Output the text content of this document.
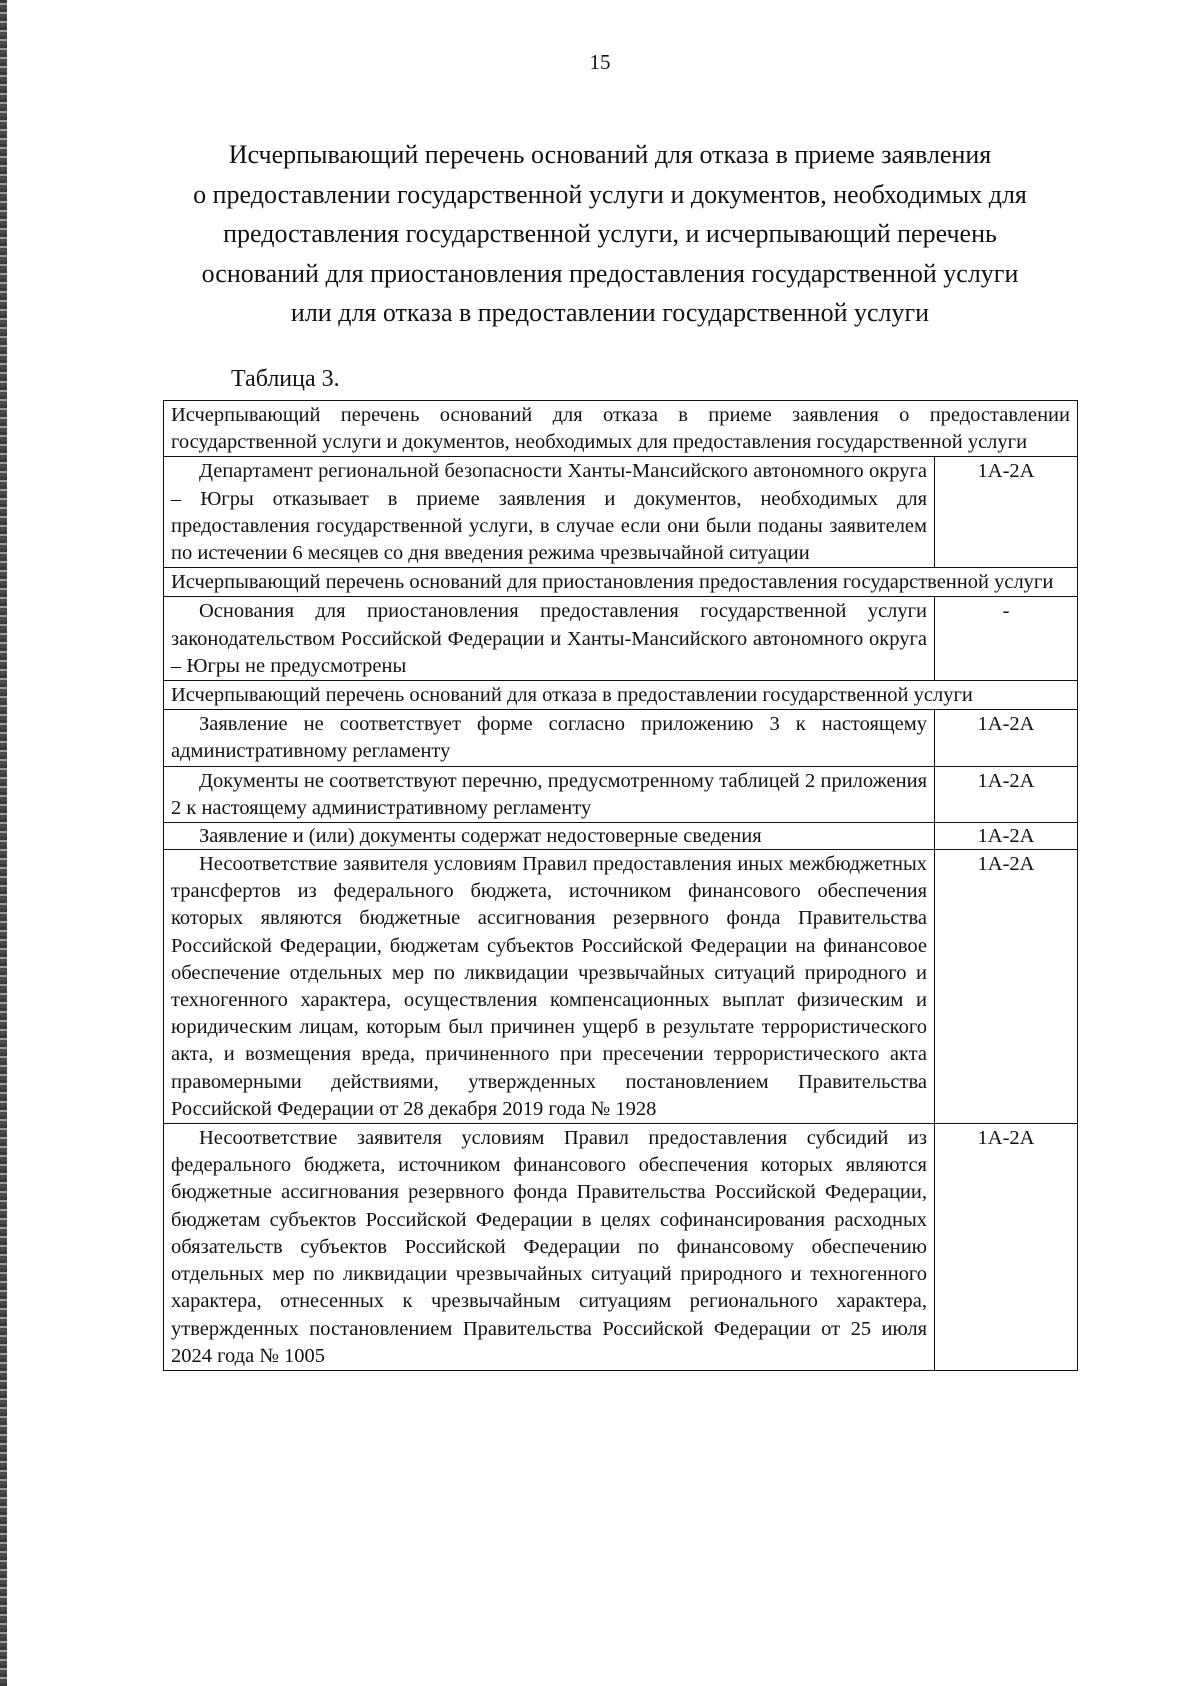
15
Исчерпывающий перечень оснований для отказа в приеме заявления
о предоставлении государственной услуги и документов, необходимых для
предоставления государственной услуги, и исчерпывающий перечень
оснований для приостановления предоставления государственной услуги
или для отказа в предоставлении государственной услуги
Таблица 3.
Исчерпывающий перечень оснований для отказа в приеме заявления о предоставлении государственной услуги и документов, необходимых для предоставления государственной услуги	
Департамент региональной безопасности Ханты-Мансийского автономного округа – Югры отказывает в приеме заявления и документов, необходимых для предоставления государственной услуги, в случае если они были поданы заявителем по истечении 6 месяцев со дня введения режима чрезвычайной ситуации	1А-2А
Исчерпывающий перечень оснований для приостановления предоставления государственной услуги	
Основания для приостановления предоставления государственной услуги законодательством Российской Федерации и Ханты-Мансийского автономного округа – Югры не предусмотрены	-
Исчерпывающий перечень оснований для отказа в предоставлении государственной услуги	
Заявление не соответствует форме согласно приложению 3 к настоящему административному регламенту	1А-2А
Документы не соответствуют перечню, предусмотренному таблицей 2 приложения 2 к настоящему административному регламенту	1А-2А
Заявление и (или) документы содержат недостоверные сведения	1А-2А
Несоответствие заявителя условиям Правил предоставления иных межбюджетных трансфертов из федерального бюджета, источником финансового обеспечения которых являются бюджетные ассигнования резервного фонда Правительства Российской Федерации, бюджетам субъектов Российской Федерации на финансовое обеспечение отдельных мер по ликвидации чрезвычайных ситуаций природного и техногенного характера, осуществления компенсационных выплат физическим и юридическим лицам, которым был причинен ущерб в результате террористического акта, и возмещения вреда, причиненного при пресечении террористического акта правомерными действиями, утвержденных постановлением Правительства Российской Федерации от 28 декабря 2019 года № 1928	1А-2А
Несоответствие заявителя условиям Правил предоставления субсидий из федерального бюджета, источником финансового обеспечения которых являются бюджетные ассигнования резервного фонда Правительства Российской Федерации, бюджетам субъектов Российской Федерации в целях софинансирования расходных обязательств субъектов Российской Федерации по финансовому обеспечению отдельных мер по ликвидации чрезвычайных ситуаций природного и техногенного характера, отнесенных к чрезвычайным ситуациям регионального характера, утвержденных постановлением Правительства Российской Федерации от 25 июля 2024 года № 1005	1А-2А
